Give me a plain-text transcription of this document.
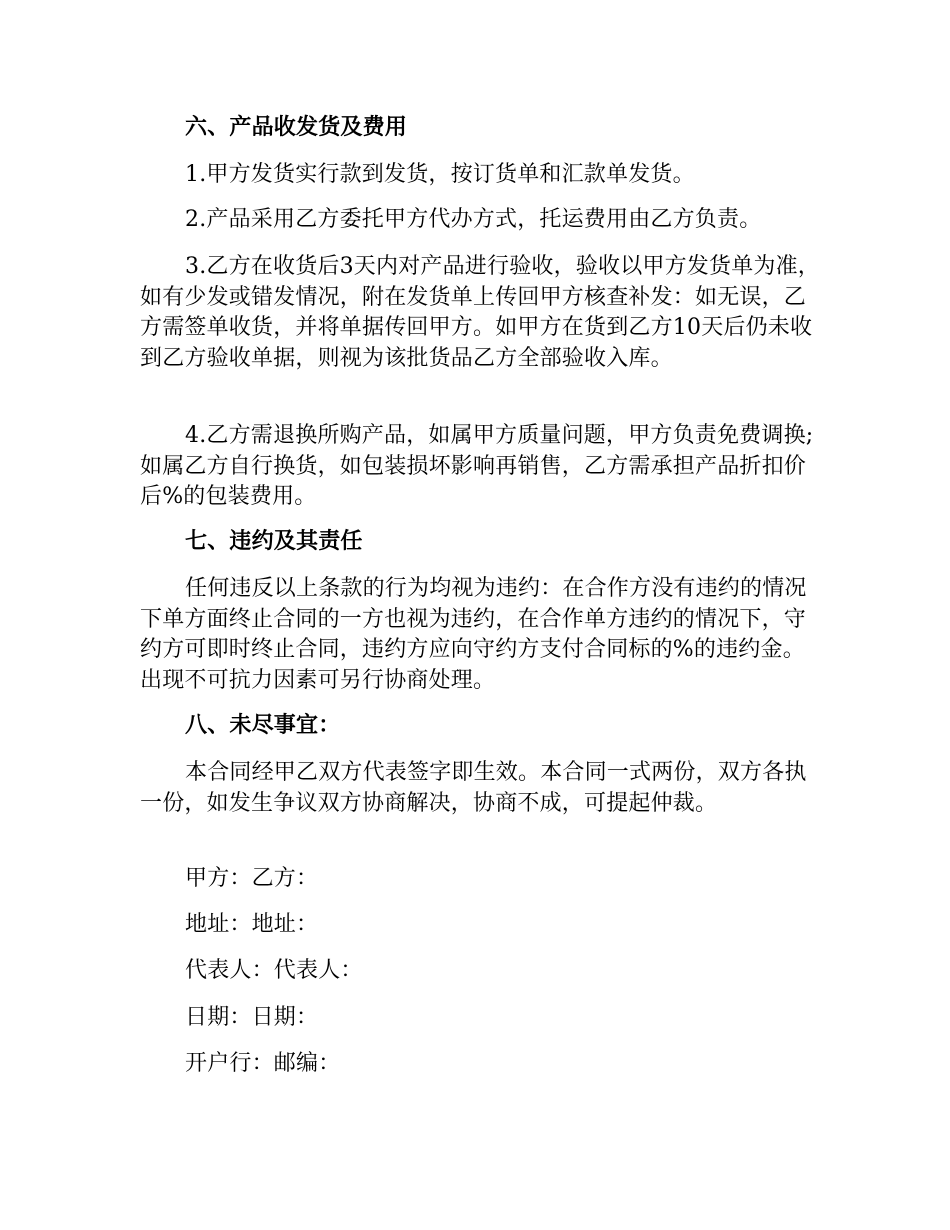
六、产品收发货及费用

1.甲方发货实行款到发货，按订货单和汇款单发货。

2.产品采用乙方委托甲方代办方式，托运费用由乙方负责。

3.乙方在收货后3天内对产品进行验收，验收以甲方发货单为准，如有少发或错发情况，附在发货单上传回甲方核查补发：如无误，乙方需签单收货，并将单据传回甲方。如甲方在货到乙方10天后仍未收到乙方验收单据，则视为该批货品乙方全部验收入库。

4.乙方需退换所购产品，如属甲方质量问题，甲方负责免费调换;如属乙方自行换货，如包装损坏影响再销售，乙方需承担产品折扣价后%的包装费用。

七、违约及其责任

任何违反以上条款的行为均视为违约：在合作方没有违约的情况下单方面终止合同的一方也视为违约，在合作单方违约的情况下，守约方可即时终止合同，违约方应向守约方支付合同标的%的违约金。出现不可抗力因素可另行协商处理。

八、未尽事宜：

本合同经甲乙双方代表签字即生效。本合同一式两份，双方各执一份，如发生争议双方协商解决，协商不成，可提起仲裁。

甲方：乙方：

地址：地址：

代表人：代表人：

日期：日期：

开户行：邮编：
